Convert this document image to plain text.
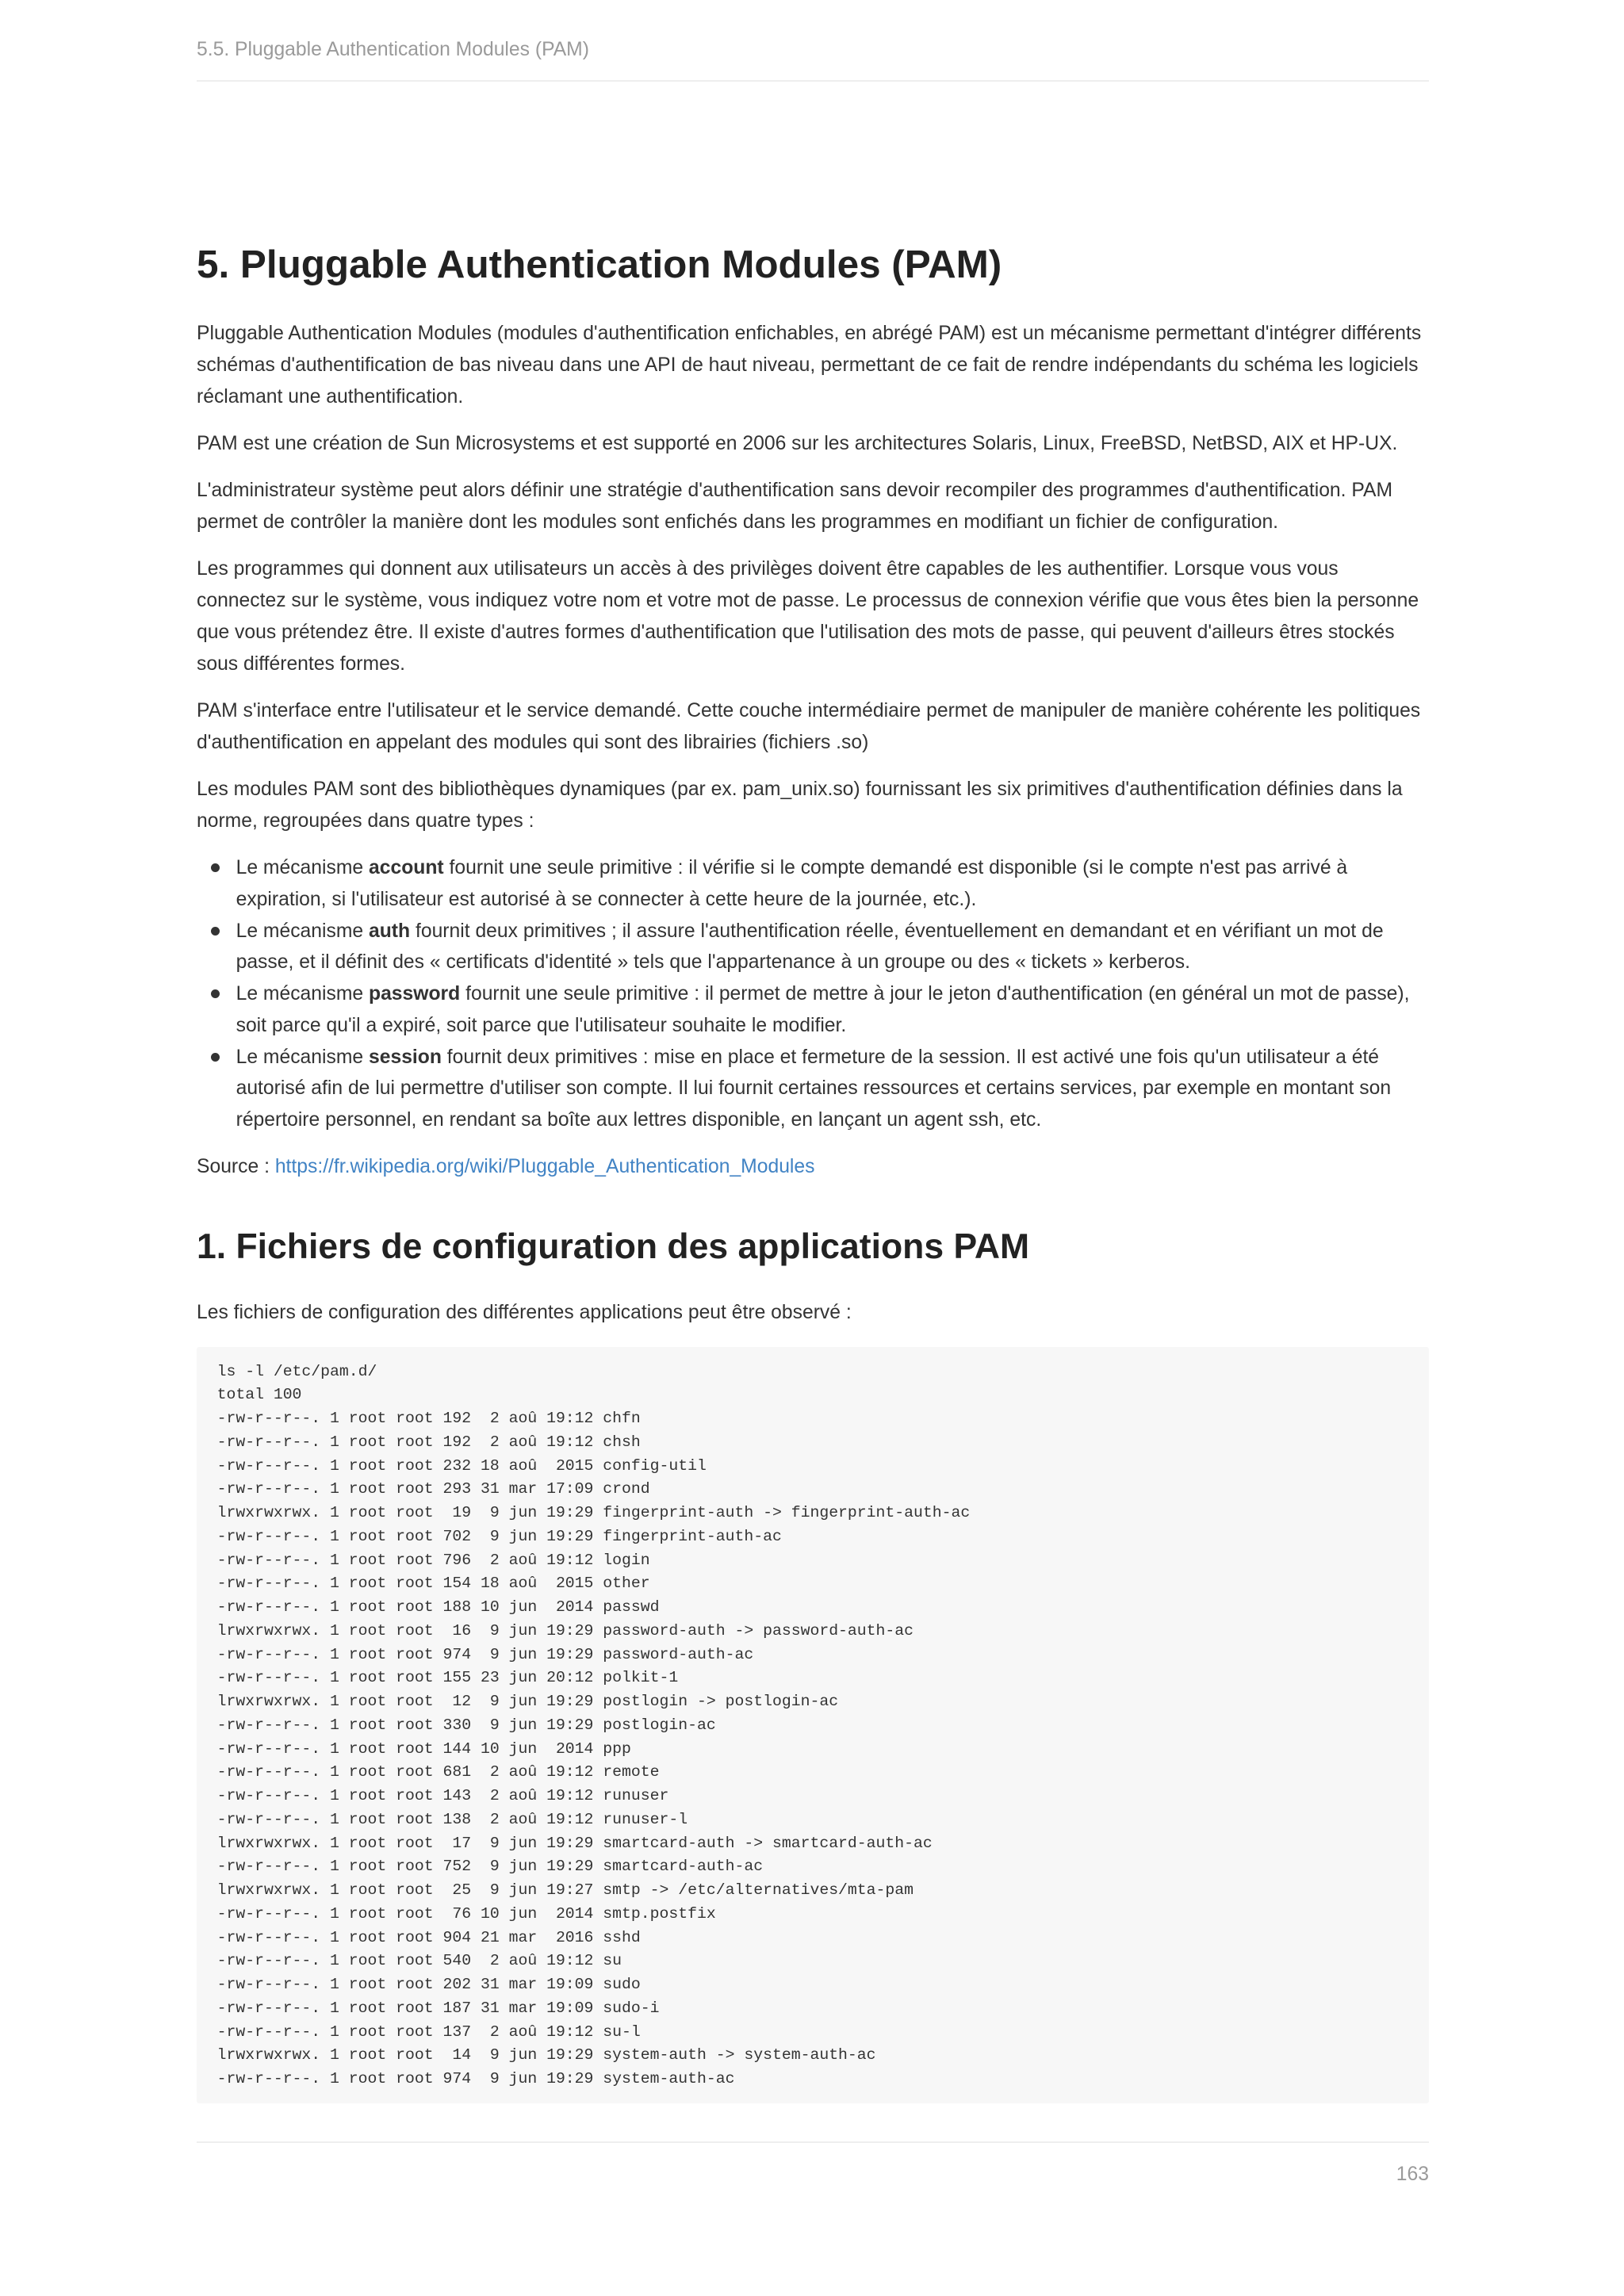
5.5. Pluggable Authentication Modules (PAM)
5. Pluggable Authentication Modules (PAM)

Pluggable Authentication Modules (modules d'authentification enfichables, en abrégé PAM) est un mécanisme permettant d'intégrer différents
schémas d'authentification de bas niveau dans une API de haut niveau, permettant de ce fait de rendre indépendants du schéma les logiciels
réclamant une authentification.

PAM est une création de Sun Microsystems et est supporté en 2006 sur les architectures Solaris, Linux, FreeBSD, NetBSD, AIX et HP-UX.

L'administrateur système peut alors définir une stratégie d'authentification sans devoir recompiler des programmes d'authentification. PAM
permet de contrôler la manière dont les modules sont enfichés dans les programmes en modifiant un fichier de configuration.

Les programmes qui donnent aux utilisateurs un accès à des privilèges doivent être capables de les authentifier. Lorsque vous vous
connectez sur le système, vous indiquez votre nom et votre mot de passe. Le processus de connexion vérifie que vous êtes bien la personne
que vous prétendez être. Il existe d'autres formes d'authentification que l'utilisation des mots de passe, qui peuvent d'ailleurs êtres stockés
sous différentes formes.

PAM s'interface entre l'utilisateur et le service demandé. Cette couche intermédiaire permet de manipuler de manière cohérente les politiques
d'authentification en appelant des modules qui sont des librairies (fichiers .so)

Les modules PAM sont des bibliothèques dynamiques (par ex. pam_unix.so) fournissant les six primitives d'authentification définies dans la
norme, regroupées dans quatre types :

Le mécanisme account fournit une seule primitive : il vérifie si le compte demandé est disponible (si le compte n'est pas arrivé à
expiration, si l'utilisateur est autorisé à se connecter à cette heure de la journée, etc.).
Le mécanisme auth fournit deux primitives ; il assure l'authentification réelle, éventuellement en demandant et en vérifiant un mot de
passe, et il définit des « certificats d'identité » tels que l'appartenance à un groupe ou des « tickets » kerberos.
Le mécanisme password fournit une seule primitive : il permet de mettre à jour le jeton d'authentification (en général un mot de passe),
soit parce qu'il a expiré, soit parce que l'utilisateur souhaite le modifier.
Le mécanisme session fournit deux primitives : mise en place et fermeture de la session. Il est activé une fois qu'un utilisateur a été
autorisé afin de lui permettre d'utiliser son compte. Il lui fournit certaines ressources et certains services, par exemple en montant son
répertoire personnel, en rendant sa boîte aux lettres disponible, en lançant un agent ssh, etc.

Source : https://fr.wikipedia.org/wiki/Pluggable_Authentication_Modules

1. Fichiers de configuration des applications PAM

Les fichiers de configuration des différentes applications peut être observé :

ls -l /etc/pam.d/
total 100
-rw-r--r--. 1 root root 192  2 aoû 19:12 chfn
-rw-r--r--. 1 root root 192  2 aoû 19:12 chsh
-rw-r--r--. 1 root root 232 18 aoû  2015 config-util
-rw-r--r--. 1 root root 293 31 mar 17:09 crond
lrwxrwxrwx. 1 root root  19  9 jun 19:29 fingerprint-auth -> fingerprint-auth-ac
-rw-r--r--. 1 root root 702  9 jun 19:29 fingerprint-auth-ac
-rw-r--r--. 1 root root 796  2 aoû 19:12 login
-rw-r--r--. 1 root root 154 18 aoû  2015 other
-rw-r--r--. 1 root root 188 10 jun  2014 passwd
lrwxrwxrwx. 1 root root  16  9 jun 19:29 password-auth -> password-auth-ac
-rw-r--r--. 1 root root 974  9 jun 19:29 password-auth-ac
-rw-r--r--. 1 root root 155 23 jun 20:12 polkit-1
lrwxrwxrwx. 1 root root  12  9 jun 19:29 postlogin -> postlogin-ac
-rw-r--r--. 1 root root 330  9 jun 19:29 postlogin-ac
-rw-r--r--. 1 root root 144 10 jun  2014 ppp
-rw-r--r--. 1 root root 681  2 aoû 19:12 remote
-rw-r--r--. 1 root root 143  2 aoû 19:12 runuser
-rw-r--r--. 1 root root 138  2 aoû 19:12 runuser-l
lrwxrwxrwx. 1 root root  17  9 jun 19:29 smartcard-auth -> smartcard-auth-ac
-rw-r--r--. 1 root root 752  9 jun 19:29 smartcard-auth-ac
lrwxrwxrwx. 1 root root  25  9 jun 19:27 smtp -> /etc/alternatives/mta-pam
-rw-r--r--. 1 root root  76 10 jun  2014 smtp.postfix
-rw-r--r--. 1 root root 904 21 mar  2016 sshd
-rw-r--r--. 1 root root 540  2 aoû 19:12 su
-rw-r--r--. 1 root root 202 31 mar 19:09 sudo
-rw-r--r--. 1 root root 187 31 mar 19:09 sudo-i
-rw-r--r--. 1 root root 137  2 aoû 19:12 su-l
lrwxrwxrwx. 1 root root  14  9 jun 19:29 system-auth -> system-auth-ac
-rw-r--r--. 1 root root 974  9 jun 19:29 system-auth-ac
163
